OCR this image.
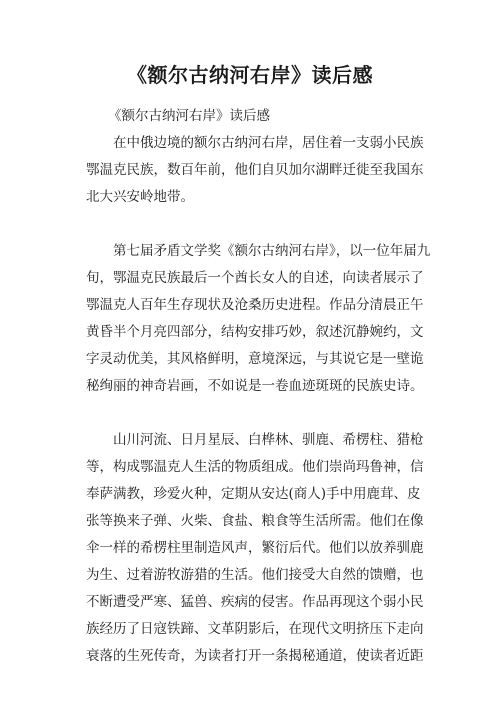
《额尔古纳河右岸》读后感
《额尔古纳河右岸》读后感
在中俄边境的额尔古纳河右岸，居住着一支弱小民族
鄂温克民族，数百年前，他们自贝加尔湖畔迁徙至我国东
北大兴安岭地带。
第七届矛盾文学奖《额尔古纳河右岸》，以一位年届九
旬，鄂温克民族最后一个酋长女人的自述，向读者展示了
鄂温克人百年生存现状及沧桑历史进程。作品分清晨正午
黄昏半个月亮四部分，结构安排巧妙，叙述沉静婉约，文
字灵动优美，其风格鲜明，意境深远，与其说它是一壁诡
秘绚丽的神奇岩画，不如说是一卷血迹斑斑的民族史诗。
山川河流、日月星辰、白桦林、驯鹿、希楞柱、猎枪
等，构成鄂温克人生活的物质组成。他们崇尚玛鲁神，信
奉萨满教，珍爱火种，定期从安达(商人)手中用鹿茸、皮
张等换来子弹、火柴、食盐、粮食等生活所需。他们在像
伞一样的希楞柱里制造风声，繁衍后代。他们以放养驯鹿
为生、过着游牧游猎的生活。他们接受大自然的馈赠，也
不断遭受严寒、猛兽、疾病的侵害。作品再现这个弱小民
族经历了日寇铁蹄、文革阴影后，在现代文明挤压下走向
衰落的生死传奇，为读者打开一条揭秘通道，使读者近距
